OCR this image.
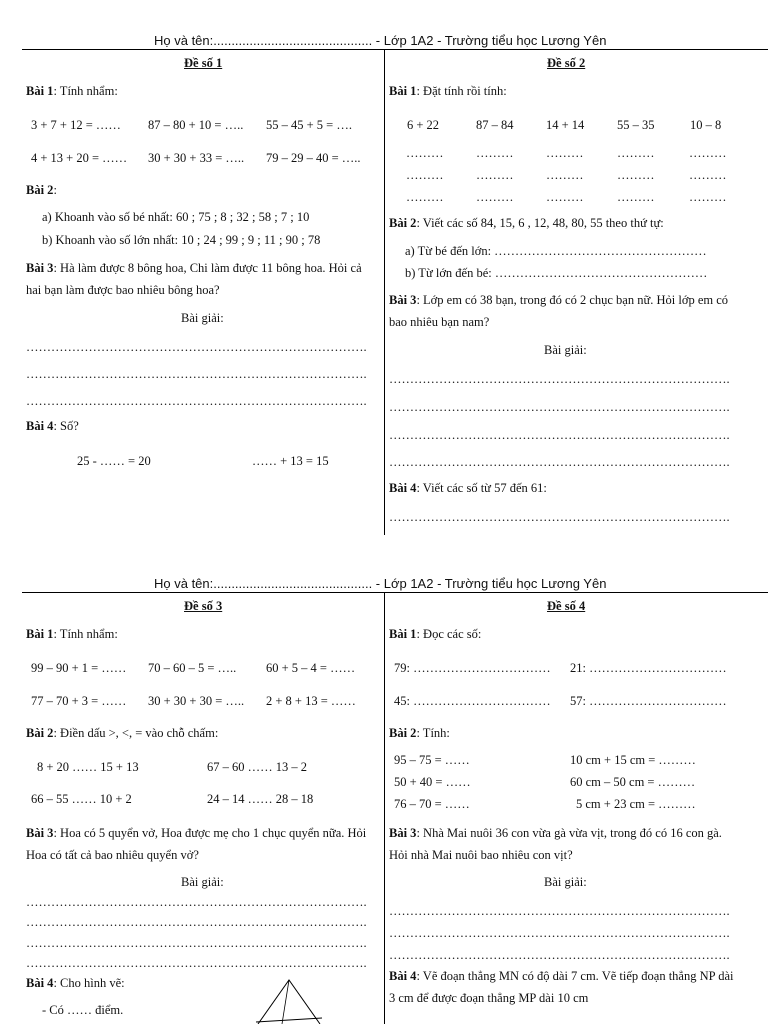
Họ và tên:............................................ - Lớp 1A2 - Trường tiểu học Lương Yên
Đề số 1
Bài 1: Tính nhẩm:
3 + 7 + 12 = …… 87 – 80 + 10 = ….. 55 – 45 + 5 = ….
4 + 13 + 20 = …… 30 + 30 + 33 = ….. 79 – 29 – 40 = …..
Bài 2:
a) Khoanh vào số bé nhất: 60 ; 75 ; 8 ; 32 ; 58 ; 7 ; 10
b) Khoanh vào số lớn nhất: 10 ; 24 ; 99 ; 9 ; 11 ; 90 ; 78
Bài 3: Hà làm được 8 bông hoa, Chi làm được 11 bông hoa. Hỏi cả
hai bạn làm được bao nhiêu bông hoa?
Bài giải:
……………………………………………………………………….
……………………………………………………………………….
……………………………………………………………………….
Bài 4: Số?
25 - …… = 20	…… + 13 = 15
Đề số 2
Bài 1: Đặt tính rồi tính:
6 + 22	87 – 84	14 + 14	55 – 35	10 – 8
………	………	………	………	………
………	………	………	………	………
………	………	………	………	………
Bài 2: Viết các số 84, 15, 6 , 12, 48, 80, 55 theo thứ tự:
a) Từ bé đến lớn: ……………………………………………
b) Từ lớn đến bé: ……………………………………………
Bài 3: Lớp em có 38 bạn, trong đó có 2 chục bạn nữ. Hỏi lớp em có
bao nhiêu bạn nam?
Bài giải:
……………………………………………………………………….
……………………………………………………………………….
……………………………………………………………………….
……………………………………………………………………….
Bài 4: Viết các số từ 57 đến 61:
……………………………………………………………………….
Họ và tên:............................................ - Lớp 1A2 - Trường tiểu học Lương Yên
Đề số 3
Bài 1: Tính nhẩm:
99 – 90 + 1 = …… 70 – 60 – 5 = ….. 60 + 5 – 4 = ……
77 – 70 + 3 = …… 30 + 30 + 30 = ….. 2 + 8 + 13 = ……
Bài 2: Điền dấu >, <, = vào chỗ chấm:
8 + 20 …… 15 + 13	67 – 60 …… 13 – 2
66 – 55 …… 10 + 2	24 – 14 …… 28 – 18
Bài 3: Hoa có 5 quyển vở, Hoa được mẹ cho 1 chục quyển nữa. Hỏi
Hoa có tất cả bao nhiêu quyển vở?
Bài giải:
……………………………………………………………………….
……………………………………………………………………….
……………………………………………………………………….
……………………………………………………………………….
Bài 4: Cho hình vẽ:
- Có …… điểm.
Đề số 4
Bài 1: Đọc các số:
79: …………………………… 21: ……………………………
45: …………………………… 57: ……………………………
Bài 2: Tính:
95 – 75 = ……	10 cm + 15 cm = ………
50 + 40 = ……	60 cm – 50 cm = ………
76 – 70 = ……	5 cm + 23 cm = ………
Bài 3: Nhà Mai nuôi 36 con vừa gà vừa vịt, trong đó có 16 con gà.
Hỏi nhà Mai nuôi bao nhiêu con vịt?
Bài giải:
……………………………………………………………………….
……………………………………………………………………….
……………………………………………………………………….
Bài 4: Vẽ đoạn thẳng MN có độ dài 7 cm. Vẽ tiếp đoạn thẳng NP dài
3 cm để được đoạn thẳng MP dài 10 cm
